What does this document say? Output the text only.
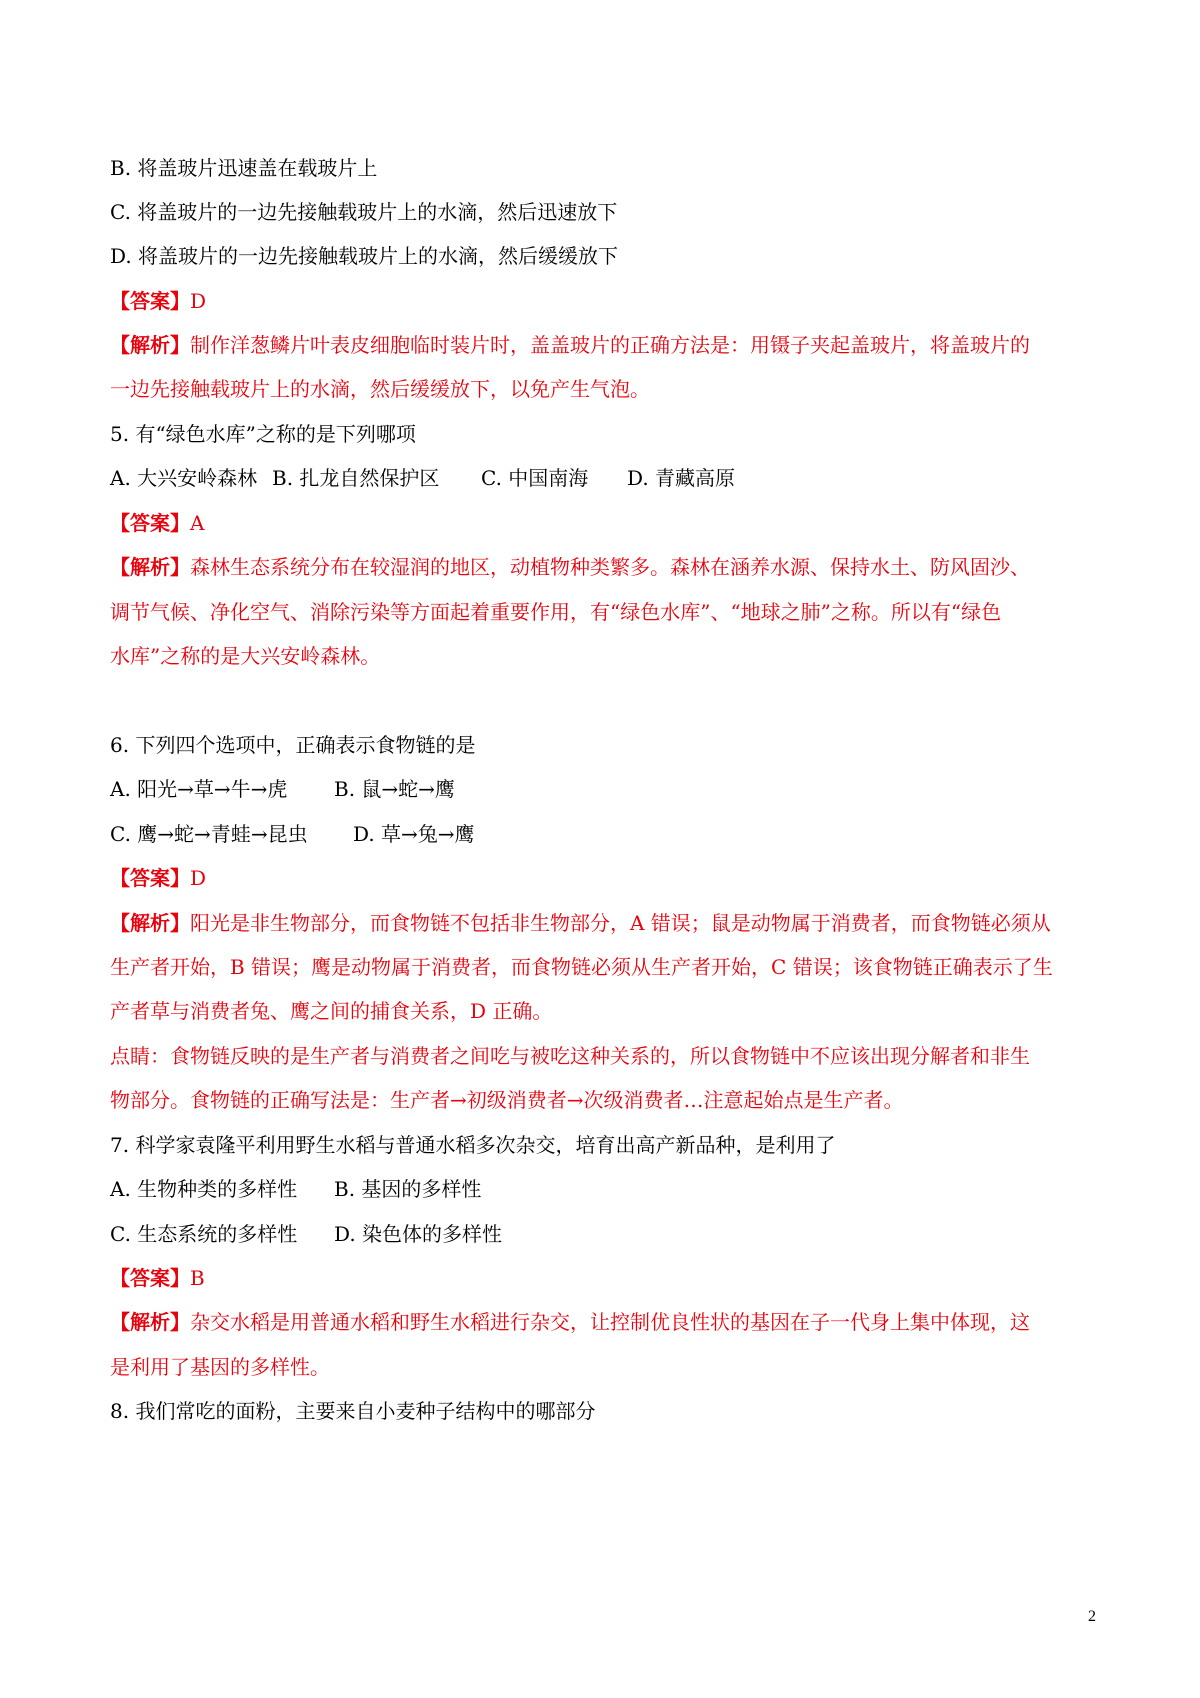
B. 将盖玻片迅速盖在载玻片上
C. 将盖玻片的一边先接触载玻片上的水滴，然后迅速放下
D. 将盖玻片的一边先接触载玻片上的水滴，然后缓缓放下
【答案】D
【解析】制作洋葱鳞片叶表皮细胞临时装片时，盖盖玻片的正确方法是：用镊子夹起盖玻片，将盖玻片的
一边先接触载玻片上的水滴，然后缓缓放下，以免产生气泡。
5. 有“绿色水库”之称的是下列哪项
A. 大兴安岭森林 B. 扎龙自然保护区 C. 中国南海 D. 青藏高原
【答案】A
【解析】森林生态系统分布在较湿润的地区，动植物种类繁多。森林在涵养水源、保持水土、防风固沙、
调节气候、净化空气、消除污染等方面起着重要作用，有“绿色水库”、“地球之肺”之称。所以有“绿色
水库”之称的是大兴安岭森林。
6. 下列四个选项中，正确表示食物链的是
A. 阳光→草→牛→虎 B. 鼠→蛇→鹰
C. 鹰→蛇→青蛙→昆虫 D. 草→兔→鹰
【答案】D
【解析】阳光是非生物部分，而食物链不包括非生物部分，A 错误；鼠是动物属于消费者，而食物链必须从
生产者开始，B 错误；鹰是动物属于消费者，而食物链必须从生产者开始，C 错误；该食物链正确表示了生
产者草与消费者兔、鹰之间的捕食关系，D 正确。
点睛：食物链反映的是生产者与消费者之间吃与被吃这种关系的，所以食物链中不应该出现分解者和非生
物部分。食物链的正确写法是：生产者→初级消费者→次级消费者…注意起始点是生产者。
7. 科学家袁隆平利用野生水稻与普通水稻多次杂交，培育出高产新品种，是利用了
A. 生物种类的多样性 B. 基因的多样性
C. 生态系统的多样性 D. 染色体的多样性
【答案】B
【解析】杂交水稻是用普通水稻和野生水稻进行杂交，让控制优良性状的基因在子一代身上集中体现，这
是利用了基因的多样性。
8. 我们常吃的面粉，主要来自小麦种子结构中的哪部分
2
